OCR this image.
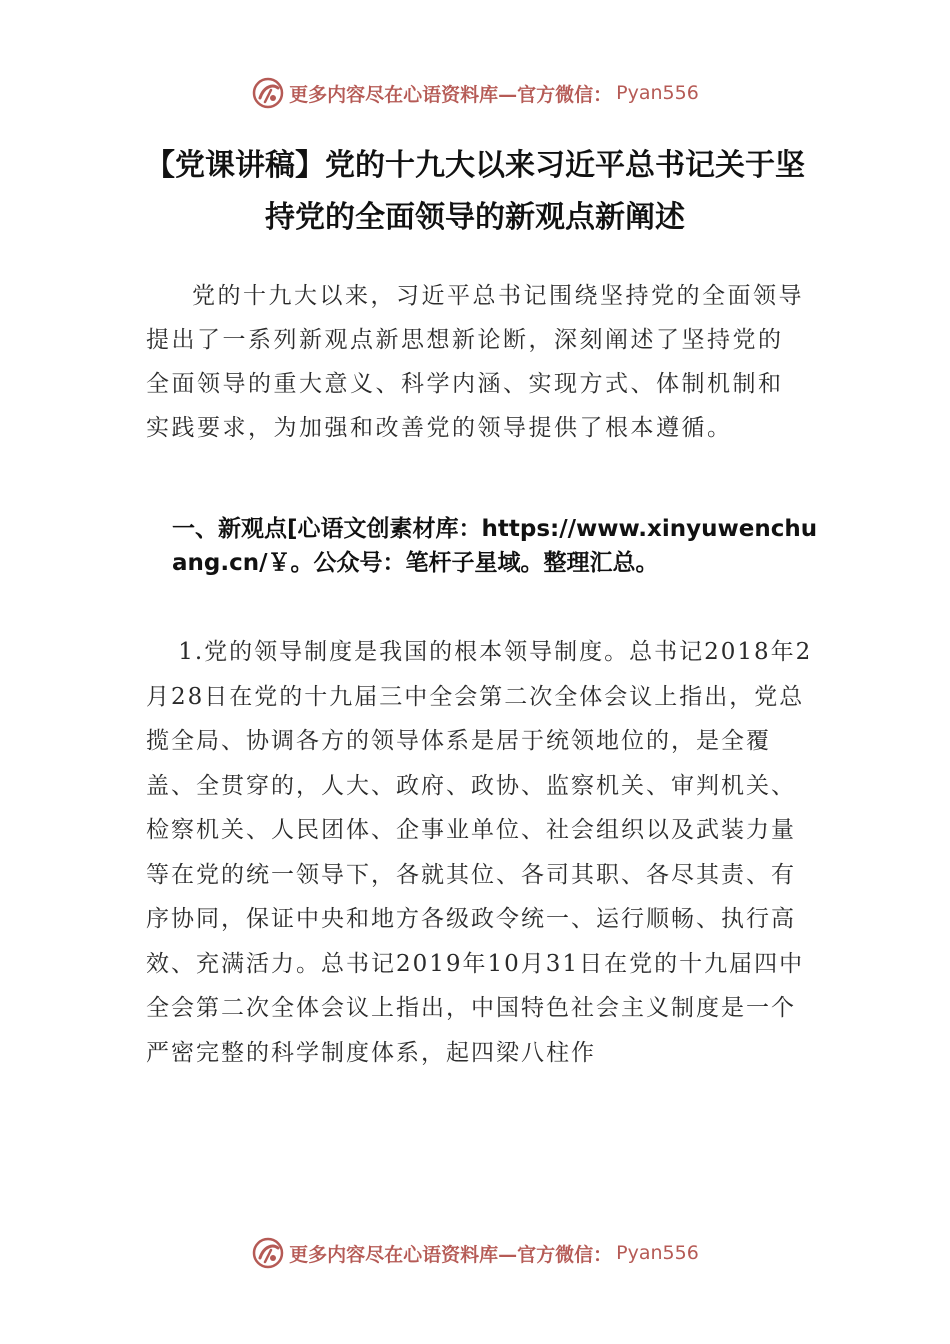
更多内容尽在心语资料库—官方微信： Pyan556
【党课讲稿】党的十九大以来习近平总书记关于坚持党的全面领导的新观点新阐述

党的十九大以来，习近平总书记围绕坚持党的全面领导提出了一系列新观点新思想新论断，深刻阐述了坚持党的全面领导的重大意义、科学内涵、实现方式、体制机制和实践要求，为加强和改善党的领导提供了根本遵循。

一、新观点[心语文创素材库：https://www.xinyuwenchuang.cn/￥。公众号：笔杆子星域。整理汇总。

1.党的领导制度是我国的根本领导制度。总书记2018年2月28日在党的十九届三中全会第二次全体会议上指出，党总揽全局、协调各方的领导体系是居于统领地位的，是全覆盖、全贯穿的，人大、政府、政协、监察机关、审判机关、检察机关、人民团体、企事业单位、社会组织以及武装力量等在党的统一领导下，各就其位、各司其职、各尽其责、有序协同，保证中央和地方各级政令统一、运行顺畅、执行高效、充满活力。总书记2019年10月31日在党的十九届四中全会第二次全体会议上指出，中国特色社会主义制度是一个严密完整的科学制度体系，起四梁八柱作

更多内容尽在心语资料库—官方微信： Pyan556
